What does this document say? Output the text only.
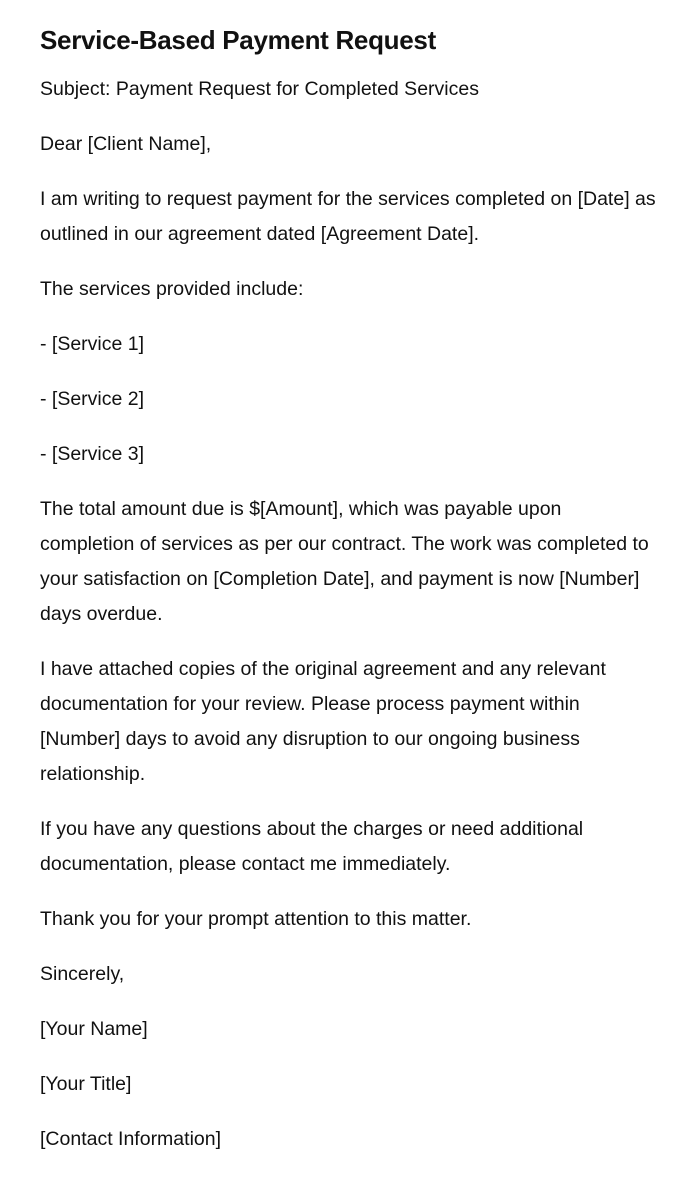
Service-Based Payment Request

Subject: Payment Request for Completed Services

Dear [Client Name],

I am writing to request payment for the services completed on [Date] as outlined in our agreement dated [Agreement Date].

The services provided include:

- [Service 1]

- [Service 2]

- [Service 3]

The total amount due is $[Amount], which was payable upon completion of services as per our contract. The work was completed to your satisfaction on [Completion Date], and payment is now [Number] days overdue.

I have attached copies of the original agreement and any relevant documentation for your review. Please process payment within [Number] days to avoid any disruption to our ongoing business relationship.

If you have any questions about the charges or need additional documentation, please contact me immediately.

Thank you for your prompt attention to this matter.

Sincerely,

[Your Name]

[Your Title]

[Contact Information]
